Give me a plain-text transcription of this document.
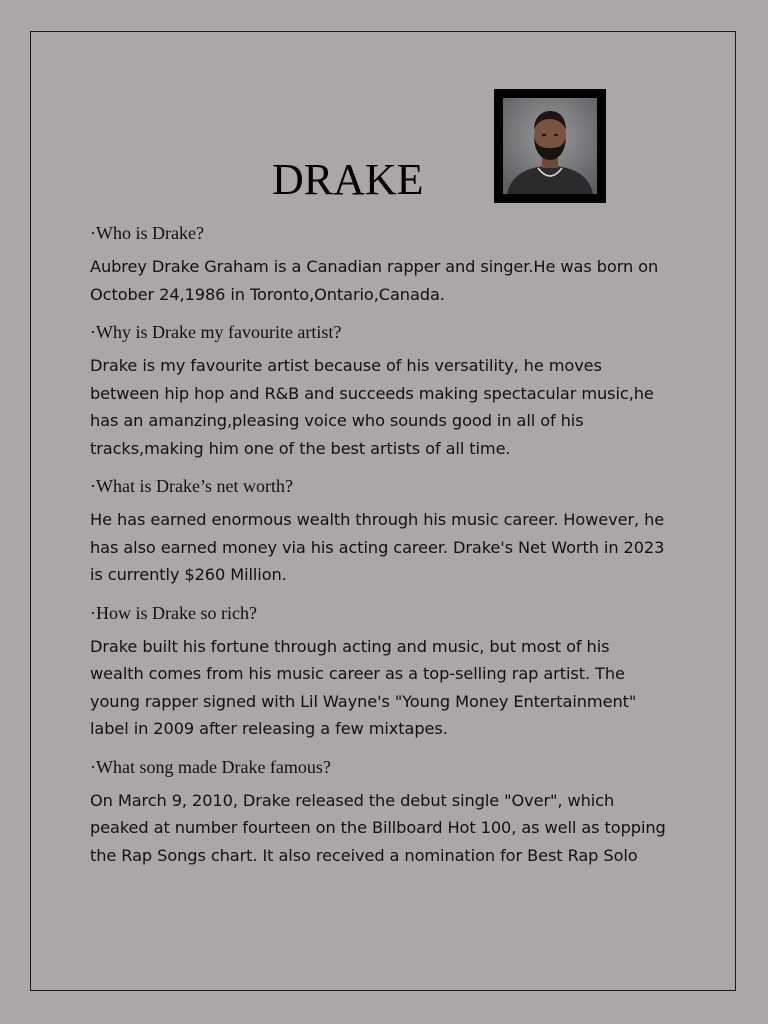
DRAKE

·Who is Drake?

Aubrey Drake Graham is a Canadian rapper and singer.He was born on
October 24,1986 in Toronto,Ontario,Canada.

·Why is Drake my favourite artist?

Drake is my favourite artist because of his versatility, he moves
between hip hop and R&B and succeeds making spectacular music,he
has an amanzing,pleasing voice who sounds good in all of his
tracks,making him one of the best artists of all time.

·What is Drake’s net worth?

He has earned enormous wealth through his music career. However, he
has also earned money via his acting career. Drake's Net Worth in 2023
is currently $260 Million.

·How is Drake so rich?

Drake built his fortune through acting and music, but most of his
wealth comes from his music career as a top-selling rap artist. The
young rapper signed with Lil Wayne's "Young Money Entertainment"
label in 2009 after releasing a few mixtapes.

·What song made Drake famous?

On March 9, 2010, Drake released the debut single "Over", which
peaked at number fourteen on the Billboard Hot 100, as well as topping
the Rap Songs chart. It also received a nomination for Best Rap Solo
